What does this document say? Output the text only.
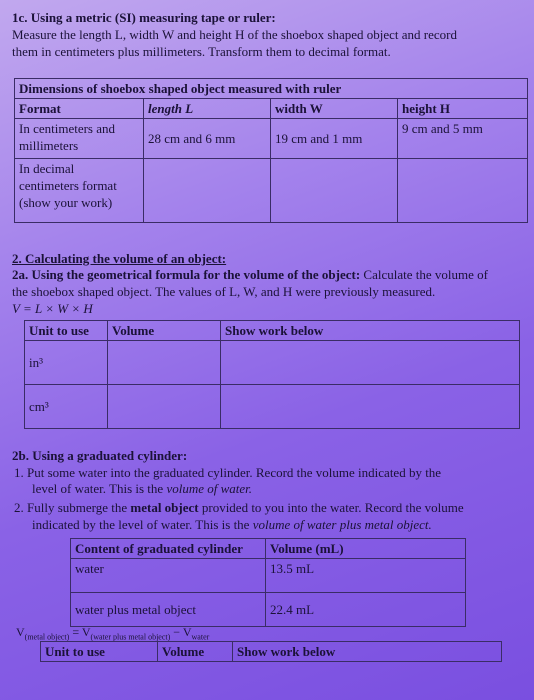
1c. Using a metric (SI) measuring tape or ruler:
Measure the length L, width W and height H of the shoebox shaped object and record
them in centimeters plus millimeters. Transform them to decimal format.
Dimensions of shoebox shaped object measured with ruler			
Format	length L	width W	height H

In centimeters and
millimeters	28 cm and 6 mm	19 cm and 1 mm	9 cm and 5 mm

In decimal
centimeters format
(show your work)			

2. Calculating the volume of an object:
2a. Using the geometrical formula for the volume of the object: Calculate the volume of
the shoebox shaped object. The values of L, W, and H were previously measured.
V = L × W × H
Unit to use	Volume	Show work below
in³		
cm³		
2b. Using a graduated cylinder:
1. Put some water into the graduated cylinder. Record the volume indicated by the
level of water. This is the volume of water.
2. Fully submerge the metal object provided to you into the water. Record the volume
indicated by the level of water. This is the volume of water plus metal object.
Content of graduated cylinder	Volume (mL)
water	13.5 mL
water plus metal object	22.4 mL
$V_{(metal object)} = V_{(water plus metal object)} - V_{water}$
Unit to use	Volume	Show work below
